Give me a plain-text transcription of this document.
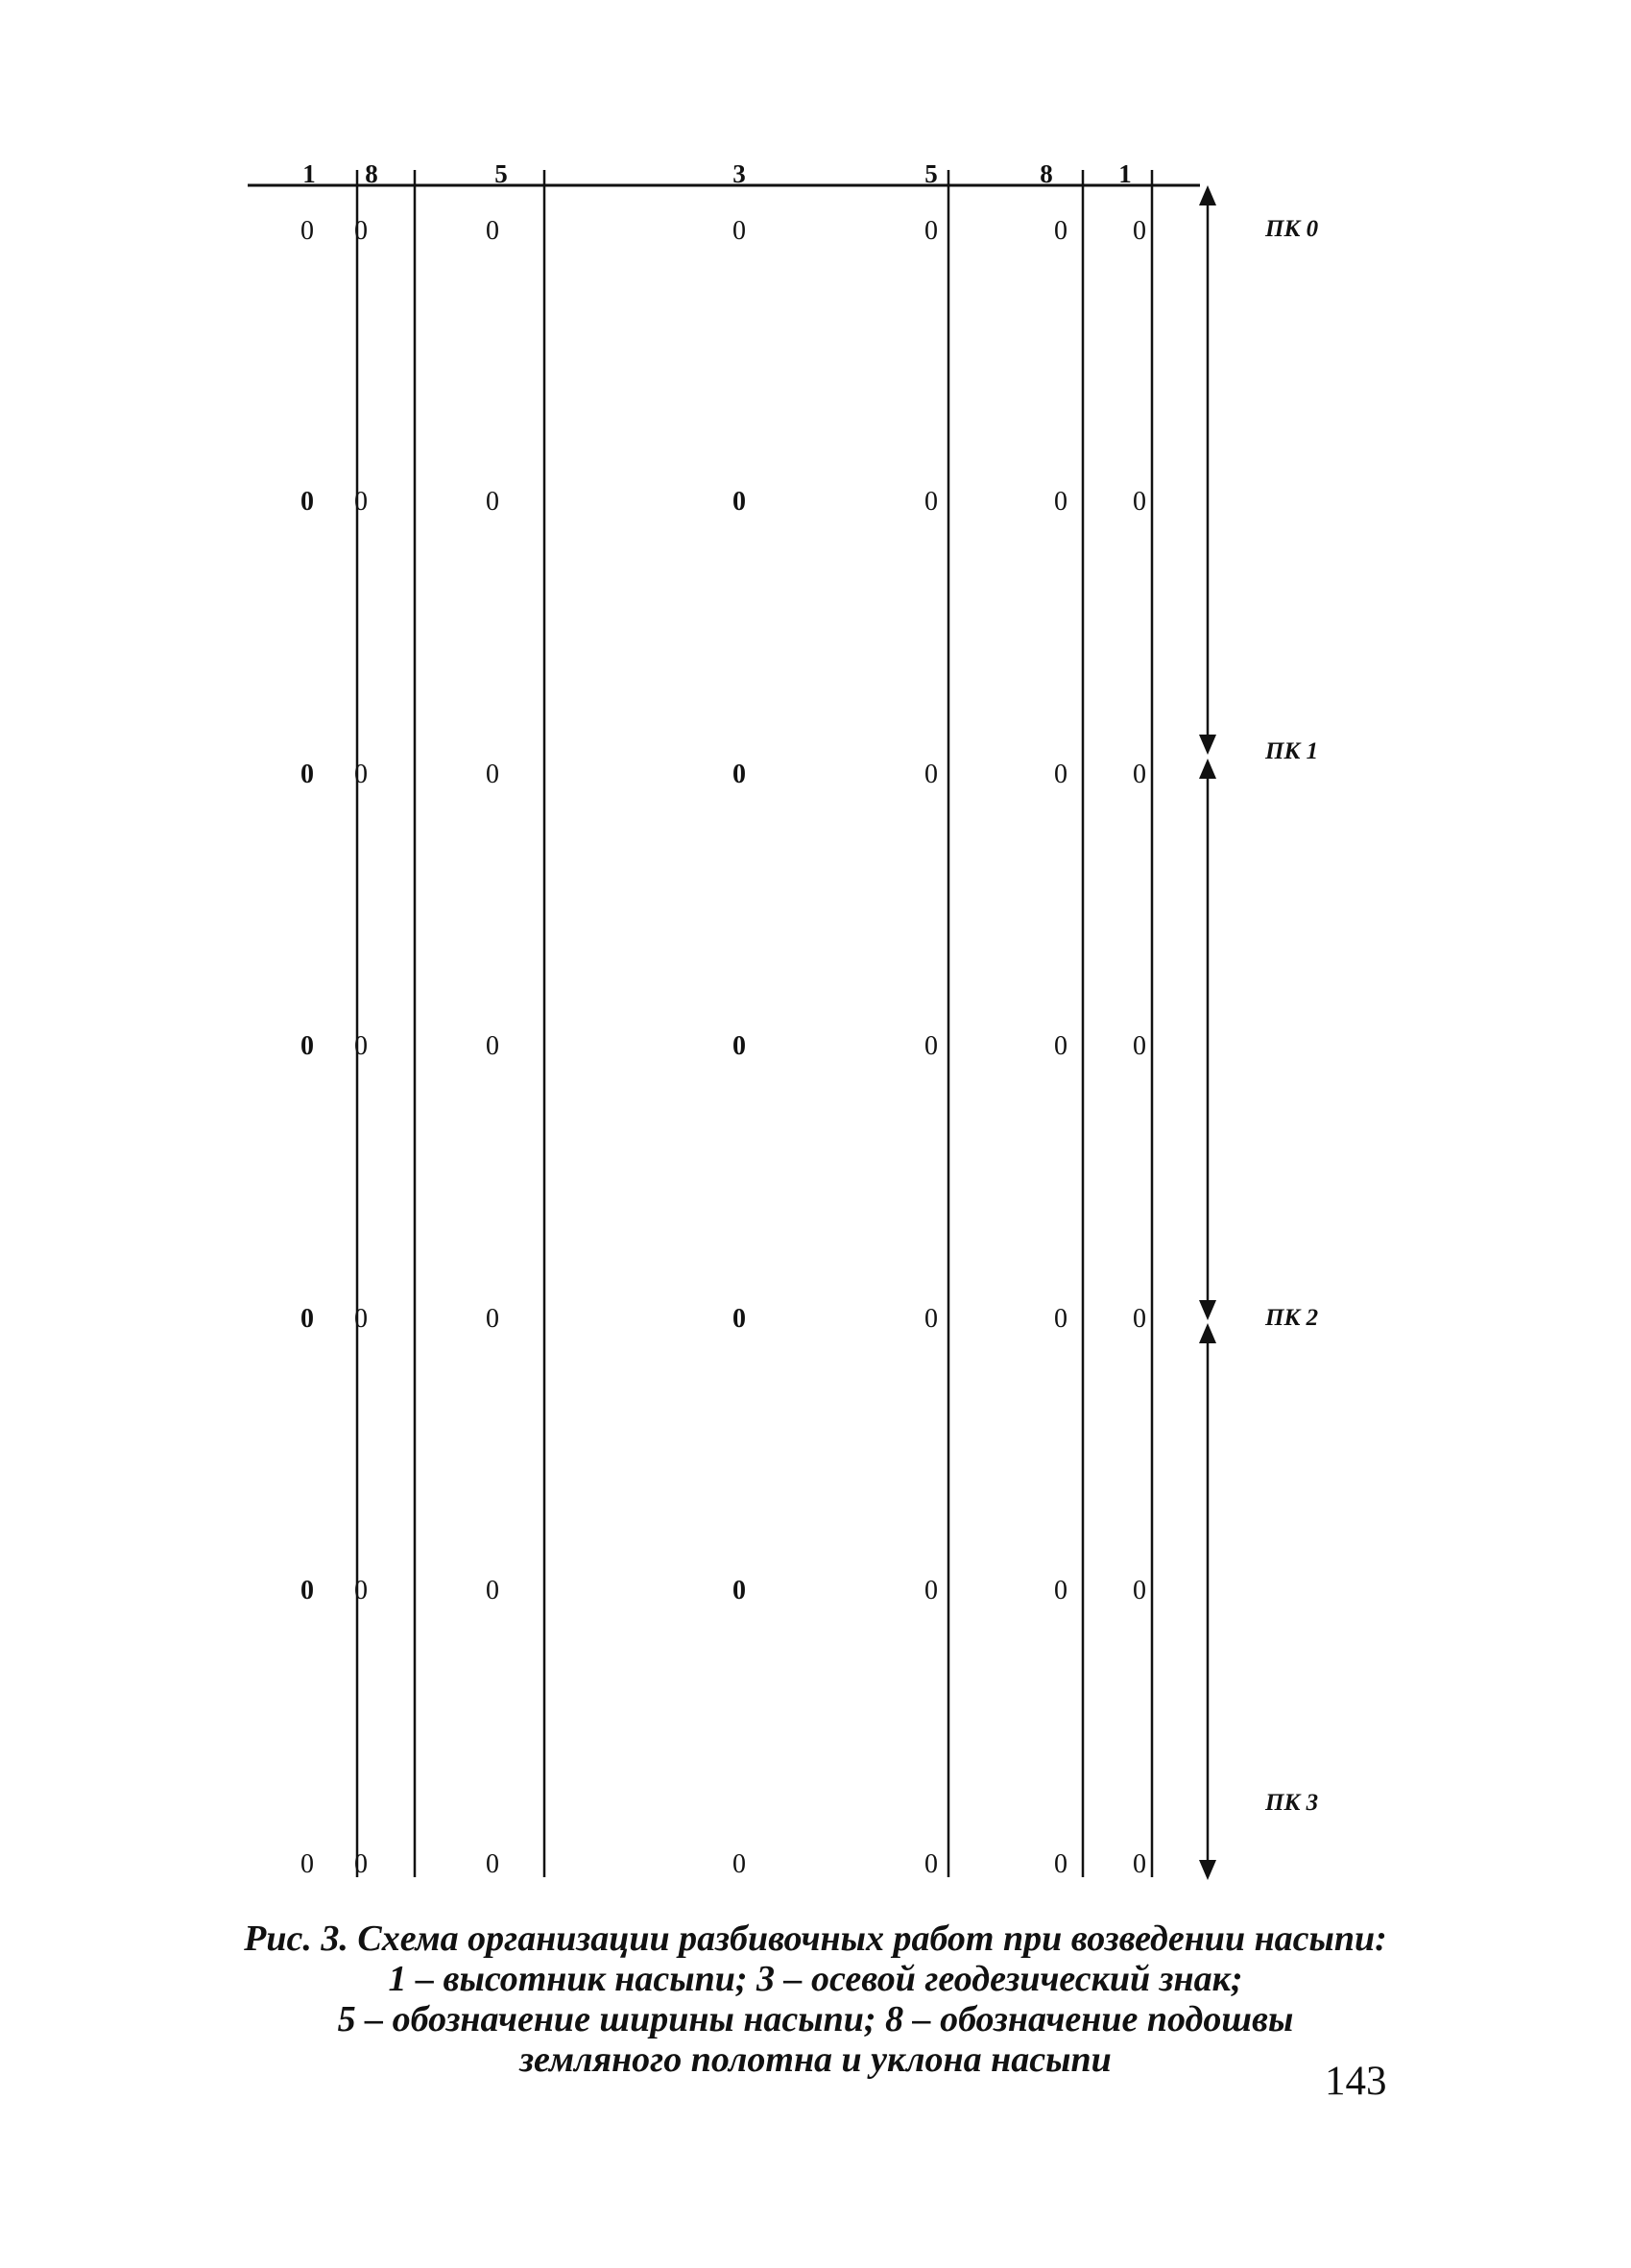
1 8	5	3	5	8	1
0 0	0	0	0	0 0
0 0	0	0	0	0 0
0 0	0	0	0	0 0
0 0	0	0	0	0 0
0 0	0	0	0	0 0
0 0	0	0	0	0 0
0 0	0	0	0	0 0
ПК 0
ПК 1
ПК 2
ПК 3
Рис. 3. Схема организации разбивочных работ при возведении насыпи:
1 – высотник насыпи; 3 – осевой геодезический знак;
5 – обозначение ширины насыпи; 8 – обозначение подошвы
земляного полотна и уклона насыпи	143
